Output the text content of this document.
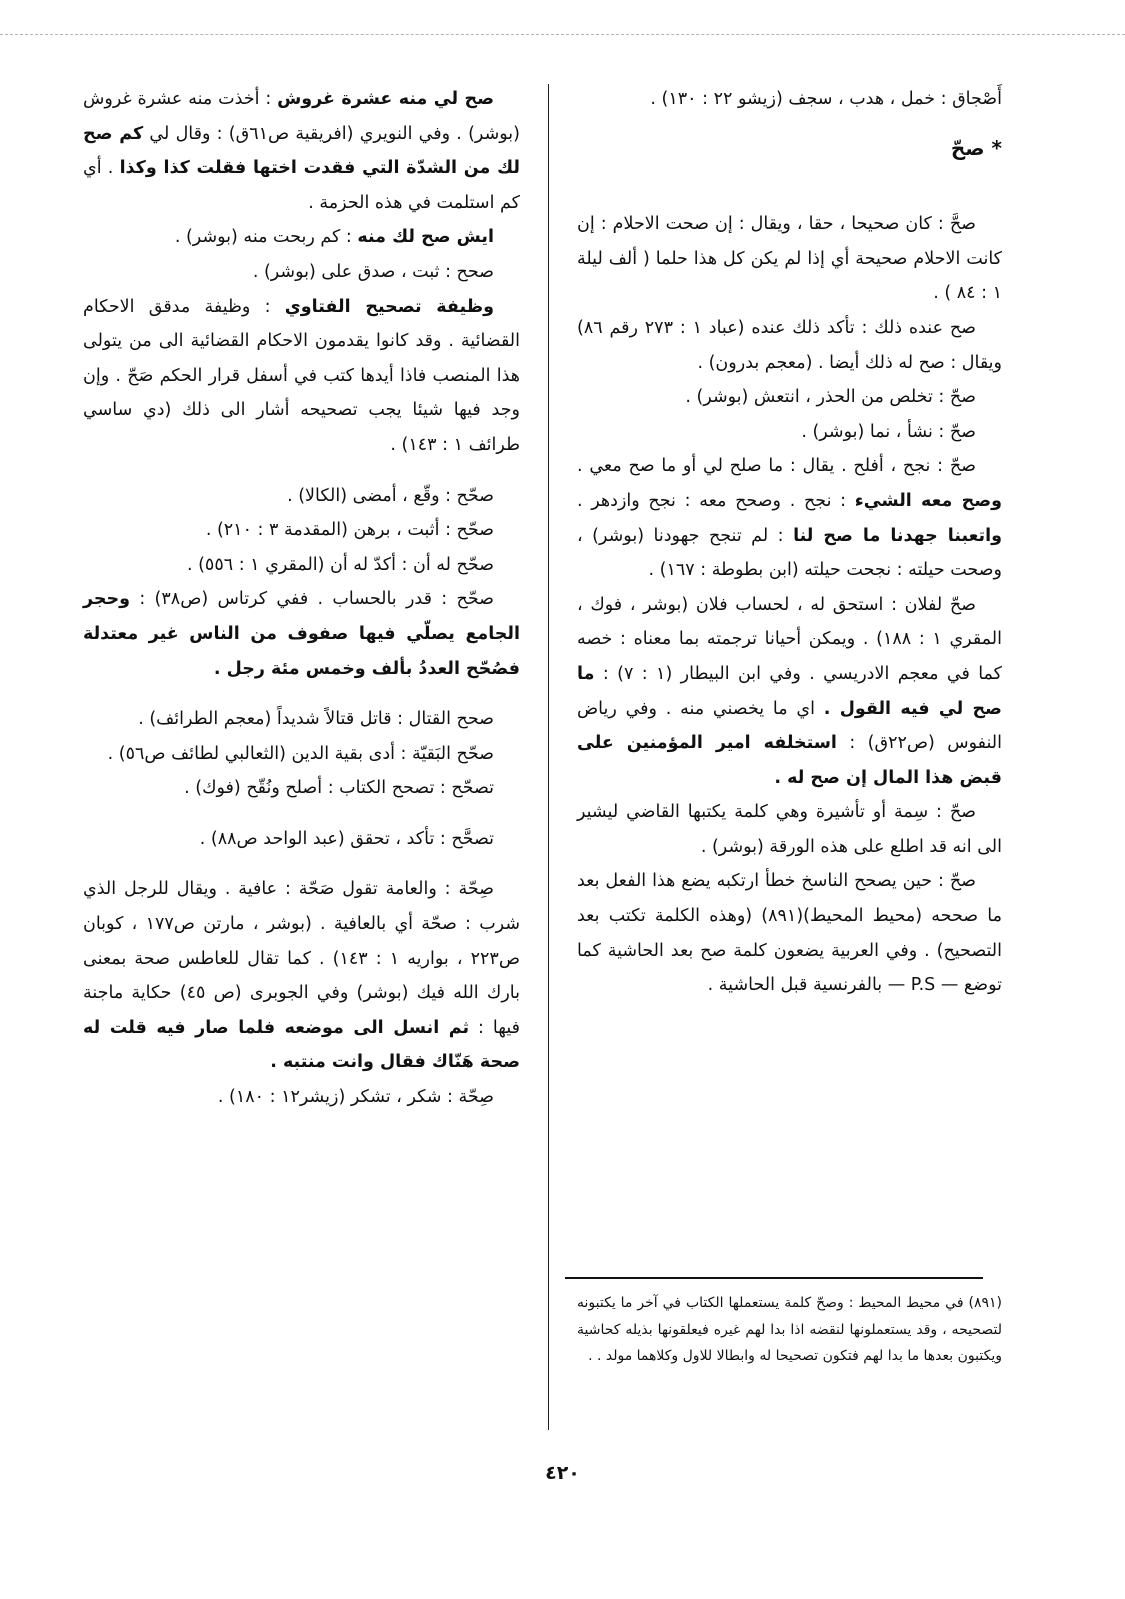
أَصْجاق : خمل ، هدب ، سجف (زيشو ٢٢ : ١٣٠) .

* صحّ

صحَّ : كان صحيحا ، حقا ، ويقال : إن صحت الاحلام : إن كانت الاحلام صحيحة أي إذا لم يكن كل هذا حلما ( ألف ليلة ١ : ٨٤ ) .

صح عنده ذلك : تأكد ذلك عنده (عباد ١ : ٢٧٣ رقم ٨٦) ويقال : صح له ذلك أيضا . (معجم بدرون) .

صحّ : تخلص من الحذر ، انتعش (بوشر) .

صحّ : نشأ ، نما (بوشر) .

صحّ : نجح ، أفلح . يقال : ما صلح لي أو ما صح معي . وصح معه الشيء : نجح . وصحح معه : نجح وازدهر . واتعبنا جهدنا ما صح لنا : لم تنجح جهودنا (بوشر) ، وصحت حيلته : نجحت حيلته (ابن بطوطة : ١٦٧) .

صحّ لفلان : استحق له ، لحساب فلان (بوشر ، فوك ، المقري ١ : ١٨٨) . ويمكن أحيانا ترجمته بما معناه : خصه كما في معجم الادريسي . وفي ابن البيطار (١ : ٧) : ما صح لي فيه القول . اي ما يخصني منه . وفي رياض النفوس (ص٢٢ق) : استخلفه امير المؤمنين على قبض هذا المال إن صح له .

صحّ : سِمة أو تأشيرة وهي كلمة يكتبها القاضي ليشير الى انه قد اطلع على هذه الورقة (بوشر) .

صحّ : حين يصحح الناسخ خطأ ارتكبه يضع هذا الفعل بعد ما صححه (محيط المحيط)(٨٩١) (وهذه الكلمة تكتب بعد التصحيح) . وفي العربية يضعون كلمة صح بعد الحاشية كما توضع — P.S — بالفرنسية قبل الحاشية .

(٨٩١) في محيط المحيط : وصحّ كلمة يستعملها الكتاب في آخر ما يكتبونه لتصحيحه ، وقد يستعملونها لنقضه اذا بدا لهم غيره فيعلقونها بذيله كحاشية ويكتبون بعدها ما بدا لهم فتكون تصحيحا له وابطالا للاول وكلاهما مولد . .

صح لي منه عشرة غروش : أخذت منه عشرة غروش (بوشر) . وفي النويري (افريقية ص٦١ق) : وقال لي كم صح لك من الشدّة التي فقدت اختها فقلت كذا وكذا . أي كم استلمت في هذه الحزمة .

ايش صح لك منه : كم ربحت منه (بوشر) .

صحح : ثبت ، صدق على (بوشر) .

وظيفة تصحيح الفتاوي : وظيفة مدقق الاحكام القضائية . وقد كانوا يقدمون الاحكام القضائية الى من يتولى هذا المنصب فاذا أيدها كتب في أسفل قرار الحكم صَحّ . وإن وجد فيها شيئا يجب تصحيحه أشار الى ذلك (دي ساسي طرائف ١ : ١٤٣) .

صحّح : وقّع ، أمضى (الكالا) .

صحّح : أثبت ، برهن (المقدمة ٣ : ٢١٠) .

صحّح له أن : أكدّ له أن (المقري ١ : ٥٥٦) .

صحّح : قدر بالحساب . ففي كرتاس (ص٣٨) : وحجر الجامع يصلّي فيها صفوف من الناس غير معتدلة فصُحّح العددُ بألف وخمس مئة رجل .

صحح القتال : قاتل قتالاً شديداً (معجم الطرائف) .

صحّح البَقيّة : أدى بقية الدين (الثعالبي لطائف ص٥٦) .

تصحّح : تصحح الكتاب : أصلح ونُقّح (فوك) .

تصحَّح : تأكد ، تحقق (عبد الواحد ص٨٨) .

صِحّة : والعامة تقول صَحّة : عافية . ويقال للرجل الذي شرب : صحّة أي بالعافية . (بوشر ، مارتن ص١٧٧ ، كوبان ص٢٢٣ ، بواريه ١ : ١٤٣) . كما تقال للعاطس صحة بمعنى بارك الله فيك (بوشر) وفي الجوبرى (ص ٤٥) حكاية ماجنة فيها : ثم انسل الى موضعه فلما صار فيه قلت له صحة هَنّاك فقال وانت منتبه .

صِحّة : شكر ، تشكر (زيشر١٢ : ١٨٠) .

٤٢٠
